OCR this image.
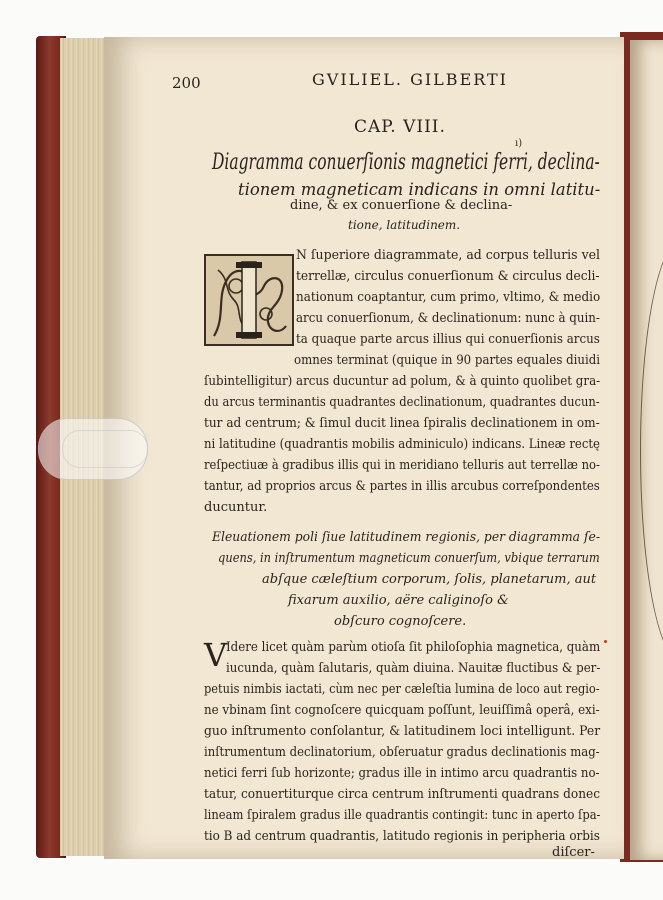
200	GVILIEL. GILBERTI
CAP. VIII.
ı)
Diagramma conuerſionis magnetici ferri, declina-
tionem magneticam indicans in omni latitu-
dine, & ex conuerſione & declina-
tione, latitudinem.
N ſuperiore diagrammate, ad corpus telluris vel
terrellæ, circulus conuerſionum & circulus decli-
nationum coaptantur, cum primo, vltimo, & medio
arcu conuerſionum, & declinationum: nunc à quin-
ta quaque parte arcus illius qui conuerſionis arcus
omnes terminat (quique in 90 partes equales diuidi
ſubintelligitur) arcus ducuntur ad polum, & à quinto quolibet gra-
du arcus terminantis quadrantes declinationum, quadrantes ducun-
tur ad centrum; & ſimul ducit linea ſpiralis declinationem in om-
ni latitudine (quadrantis mobilis adminiculo) indicans. Lineæ rectę
reſpectiuæ à gradibus illis qui in meridiano telluris aut terrellæ no-
tantur, ad proprios arcus & partes in illis arcubus correſpondentes
ducuntur.
Eleuationem poli ſiue latitudinem regionis, per diagramma ſe-
quens, in inſtrumentum magneticum conuerſum, vbique terrarum
abſque cæleſtium corporum, ſolis, planetarum, aut
fixarum auxilio, aëre caliginoſo &
obſcuro cognoſcere.
V
Idere licet quàm parùm otioſa ſit philoſophia magnetica, quàm
iucunda, quàm ſalutaris, quàm diuina. Nauitæ fluctibus & per-
petuis nimbis iactati, cùm nec per cæleſtia lumina de loco aut regio-
ne vbinam ſint cognoſcere quicquam poſſunt, leuiſſimâ operâ, exi-
guo inſtrumento conſolantur, & latitudinem loci intelligunt. Per
inſtrumentum declinatorium, obſeruatur gradus declinationis mag-
netici ferri ſub horizonte; gradus ille in intimo arcu quadrantis no-
tatur, conuertiturque circa centrum inſtrumenti quadrans donec
lineam ſpiralem gradus ille quadrantis contingit: tunc in aperto ſpa-
tio B ad centrum quadrantis, latitudo regionis in peripheria orbis
diſcer-
